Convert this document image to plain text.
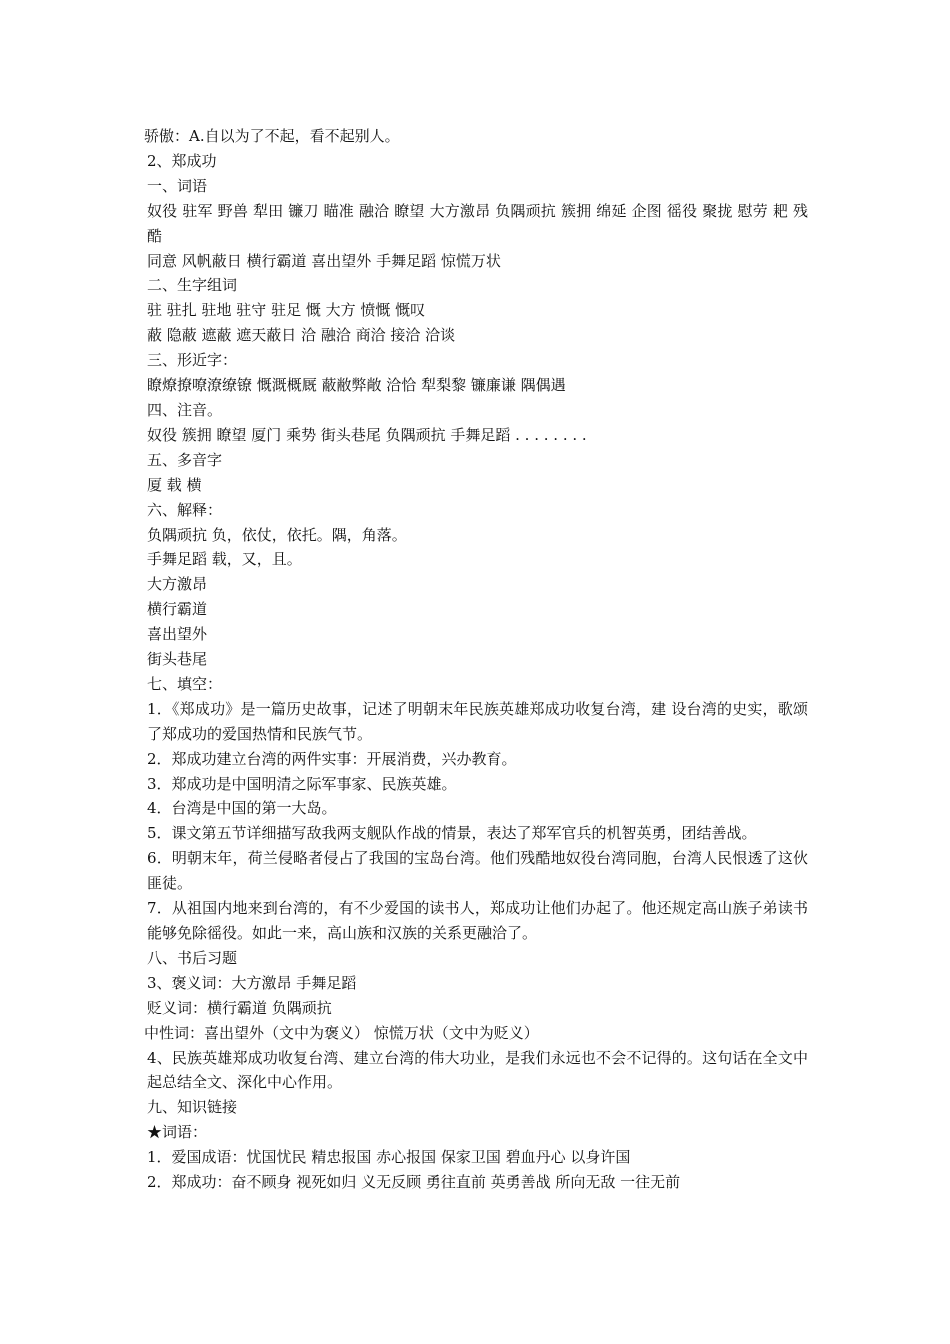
骄傲：A.自以为了不起，看不起别人。

2、郑成功

一、词语

奴役 驻军 野兽 犁田 镰刀 瞄准 融洽 瞭望 大方激昂 负隅顽抗 簇拥 绵延 企图 徭役 聚拢 慰劳 耙 残酷

同意 风帆蔽日 横行霸道 喜出望外 手舞足蹈 惊慌万状

二、生字组词

驻 驻扎 驻地 驻守 驻足 慨 大方 愤慨 慨叹

蔽 隐蔽 遮蔽 遮天蔽日 洽 融洽 商洽 接洽 洽谈

三、形近字：

瞭燎撩嘹潦缭镣 慨溉概厩 蔽敝弊敞 洽恰 犁梨黎 镰廉谦 隅偶遇

四、注音。

奴役 簇拥 瞭望 厦门 乘势 街头巷尾 负隅顽抗 手舞足蹈 . . . . . . . .

五、多音字

厦 载 横

六、解释：

负隅顽抗 负，依仗，依托。隅，角落。

手舞足蹈 载，又，且。

大方激昂

横行霸道

喜出望外

街头巷尾

七、填空：

1．《郑成功》是一篇历史故事，记述了明朝末年民族英雄郑成功收复台湾，建 设台湾的史实，歌颂了郑成功的爱国热情和民族气节。

2．郑成功建立台湾的两件实事：开展消费，兴办教育。

3．郑成功是中国明清之际军事家、民族英雄。

4．台湾是中国的第一大岛。

5．课文第五节详细描写敌我两支舰队作战的情景，表达了郑军官兵的机智英勇，团结善战。

6．明朝末年，荷兰侵略者侵占了我国的宝岛台湾。他们残酷地奴役台湾同胞，台湾人民恨透了这伙匪徒。

7．从祖国内地来到台湾的，有不少爱国的读书人，郑成功让他们办起了。他还规定高山族子弟读书能够免除徭役。如此一来，高山族和汉族的关系更融洽了。

八、书后习题

3、褒义词：大方激昂 手舞足蹈

贬义词：横行霸道 负隅顽抗

中性词：喜出望外（文中为褒义） 惊慌万状（文中为贬义）

4、民族英雄郑成功收复台湾、建立台湾的伟大功业，是我们永远也不会不记得的。这句话在全文中起总结全文、深化中心作用。

九、知识链接

★词语：

1．爱国成语：忧国忧民 精忠报国 赤心报国 保家卫国 碧血丹心 以身许国

2．郑成功：奋不顾身 视死如归 义无反顾 勇往直前 英勇善战 所向无敌 一往无前
